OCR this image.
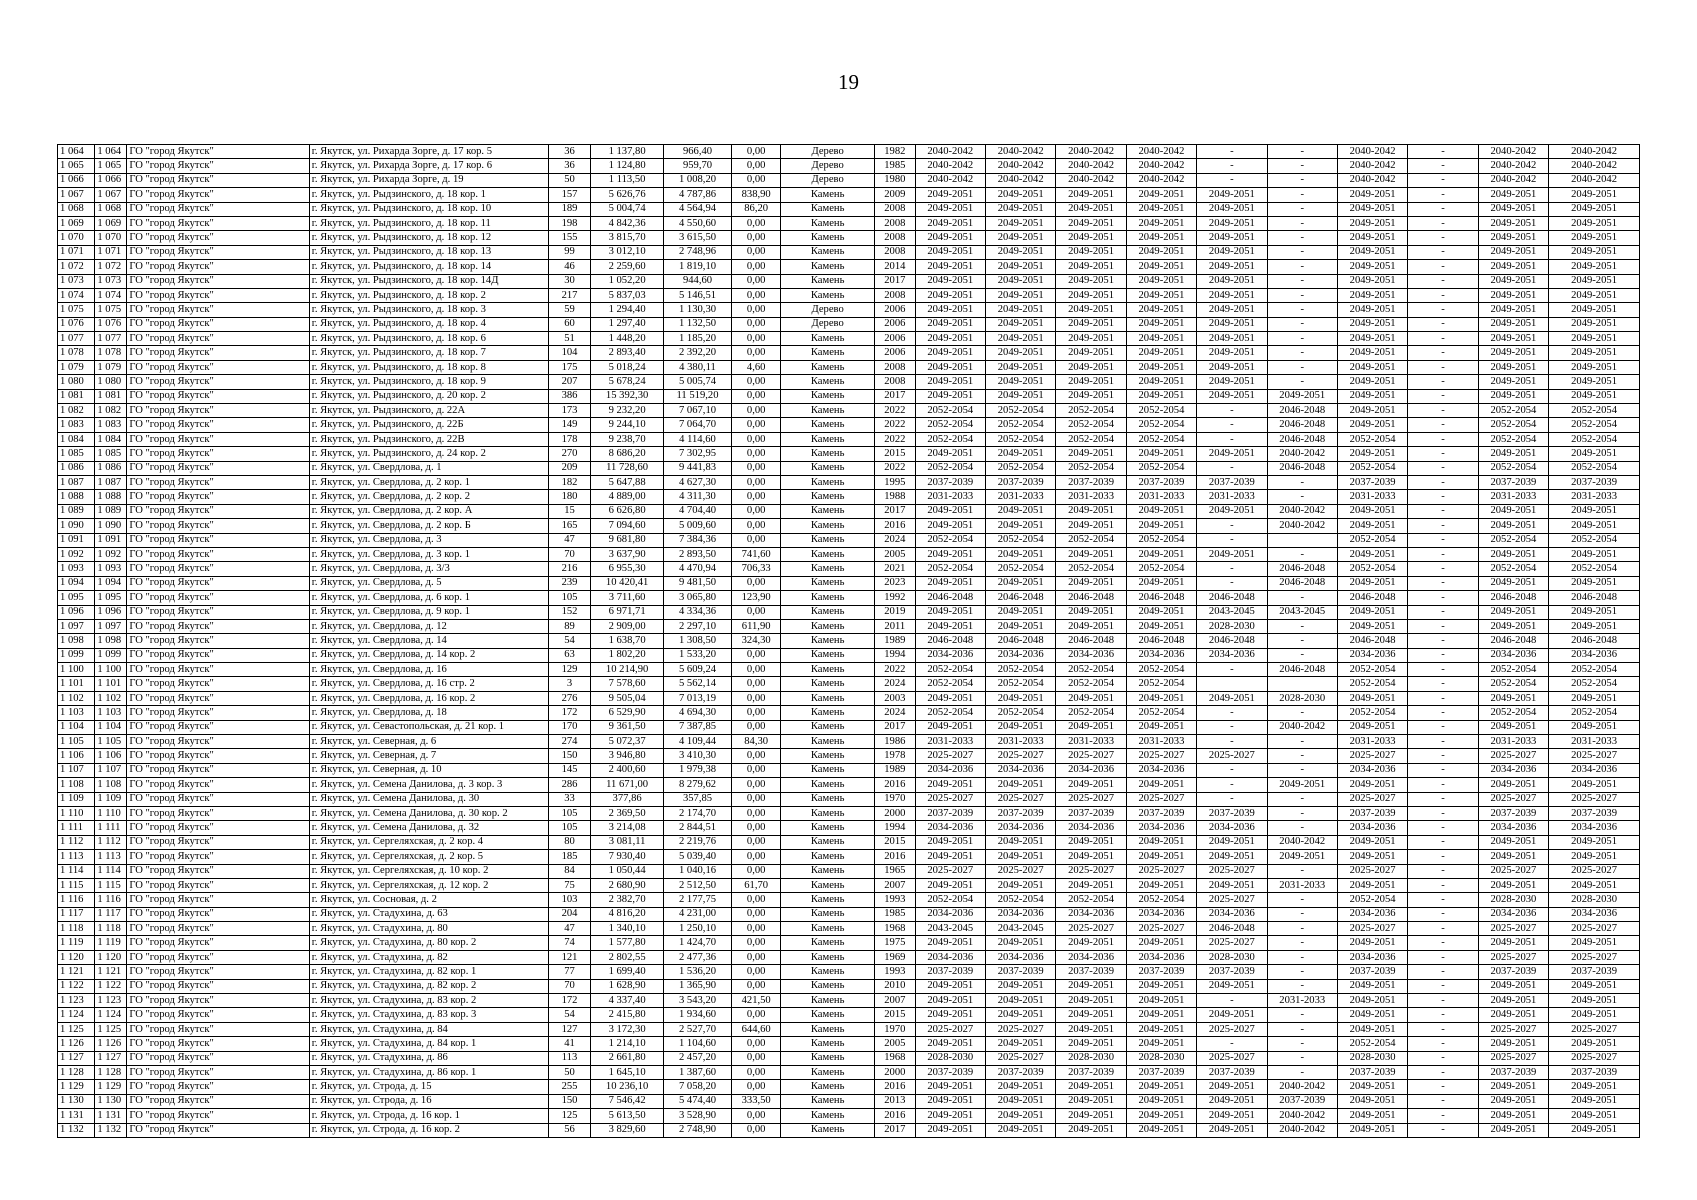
19
1 064	1 064	ГО "город Якутск"	г. Якутск, ул. Рихарда Зорге, д. 17 кор. 5	36	1 137,80	966,40	0,00	Дерево	1982	2040-2042	2040-2042	2040-2042	2040-2042	-	-	2040-2042	-	2040-2042	2040-2042
1 065	1 065	ГО "город Якутск"	г. Якутск, ул. Рихарда Зорге, д. 17 кор. 6	36	1 124,80	959,70	0,00	Дерево	1985	2040-2042	2040-2042	2040-2042	2040-2042	-	-	2040-2042	-	2040-2042	2040-2042
1 066	1 066	ГО "город Якутск"	г. Якутск, ул. Рихарда Зорге, д. 19	50	1 113,50	1 008,20	0,00	Дерево	1980	2040-2042	2040-2042	2040-2042	2040-2042	-	-	2040-2042	-	2040-2042	2040-2042
1 067	1 067	ГО "город Якутск"	г. Якутск, ул. Рыдзинского, д. 18 кор. 1	157	5 626,76	4 787,86	838,90	Камень	2009	2049-2051	2049-2051	2049-2051	2049-2051	2049-2051	-	2049-2051	-	2049-2051	2049-2051
1 068	1 068	ГО "город Якутск"	г. Якутск, ул. Рыдзинского, д. 18 кор. 10	189	5 004,74	4 564,94	86,20	Камень	2008	2049-2051	2049-2051	2049-2051	2049-2051	2049-2051	-	2049-2051	-	2049-2051	2049-2051
1 069	1 069	ГО "город Якутск"	г. Якутск, ул. Рыдзинского, д. 18 кор. 11	198	4 842,36	4 550,60	0,00	Камень	2008	2049-2051	2049-2051	2049-2051	2049-2051	2049-2051	-	2049-2051	-	2049-2051	2049-2051
1 070	1 070	ГО "город Якутск"	г. Якутск, ул. Рыдзинского, д. 18 кор. 12	155	3 815,70	3 615,50	0,00	Камень	2008	2049-2051	2049-2051	2049-2051	2049-2051	2049-2051	-	2049-2051	-	2049-2051	2049-2051
1 071	1 071	ГО "город Якутск"	г. Якутск, ул. Рыдзинского, д. 18 кор. 13	99	3 012,10	2 748,96	0,00	Камень	2008	2049-2051	2049-2051	2049-2051	2049-2051	2049-2051	-	2049-2051	-	2049-2051	2049-2051
1 072	1 072	ГО "город Якутск"	г. Якутск, ул. Рыдзинского, д. 18 кор. 14	46	2 259,60	1 819,10	0,00	Камень	2014	2049-2051	2049-2051	2049-2051	2049-2051	2049-2051	-	2049-2051	-	2049-2051	2049-2051
1 073	1 073	ГО "город Якутск"	г. Якутск, ул. Рыдзинского, д. 18 кор. 14Д	30	1 052,20	944,60	0,00	Камень	2017	2049-2051	2049-2051	2049-2051	2049-2051	2049-2051	-	2049-2051	-	2049-2051	2049-2051
1 074	1 074	ГО "город Якутск"	г. Якутск, ул. Рыдзинского, д. 18 кор. 2	217	5 837,03	5 146,51	0,00	Камень	2008	2049-2051	2049-2051	2049-2051	2049-2051	2049-2051	-	2049-2051	-	2049-2051	2049-2051
1 075	1 075	ГО "город Якутск"	г. Якутск, ул. Рыдзинского, д. 18 кор. 3	59	1 294,40	1 130,30	0,00	Дерево	2006	2049-2051	2049-2051	2049-2051	2049-2051	2049-2051	-	2049-2051	-	2049-2051	2049-2051
1 076	1 076	ГО "город Якутск"	г. Якутск, ул. Рыдзинского, д. 18 кор. 4	60	1 297,40	1 132,50	0,00	Дерево	2006	2049-2051	2049-2051	2049-2051	2049-2051	2049-2051	-	2049-2051	-	2049-2051	2049-2051
1 077	1 077	ГО "город Якутск"	г. Якутск, ул. Рыдзинского, д. 18 кор. 6	51	1 448,20	1 185,20	0,00	Камень	2006	2049-2051	2049-2051	2049-2051	2049-2051	2049-2051	-	2049-2051	-	2049-2051	2049-2051
1 078	1 078	ГО "город Якутск"	г. Якутск, ул. Рыдзинского, д. 18 кор. 7	104	2 893,40	2 392,20	0,00	Камень	2006	2049-2051	2049-2051	2049-2051	2049-2051	2049-2051	-	2049-2051	-	2049-2051	2049-2051
1 079	1 079	ГО "город Якутск"	г. Якутск, ул. Рыдзинского, д. 18 кор. 8	175	5 018,24	4 380,11	4,60	Камень	2008	2049-2051	2049-2051	2049-2051	2049-2051	2049-2051	-	2049-2051	-	2049-2051	2049-2051
1 080	1 080	ГО "город Якутск"	г. Якутск, ул. Рыдзинского, д. 18 кор. 9	207	5 678,24	5 005,74	0,00	Камень	2008	2049-2051	2049-2051	2049-2051	2049-2051	2049-2051	-	2049-2051	-	2049-2051	2049-2051
1 081	1 081	ГО "город Якутск"	г. Якутск, ул. Рыдзинского, д. 20 кор. 2	386	15 392,30	11 519,20	0,00	Камень	2017	2049-2051	2049-2051	2049-2051	2049-2051	2049-2051	2049-2051	2049-2051	-	2049-2051	2049-2051
1 082	1 082	ГО "город Якутск"	г. Якутск, ул. Рыдзинского, д. 22А	173	9 232,20	7 067,10	0,00	Камень	2022	2052-2054	2052-2054	2052-2054	2052-2054	-	2046-2048	2049-2051	-	2052-2054	2052-2054
1 083	1 083	ГО "город Якутск"	г. Якутск, ул. Рыдзинского, д. 22Б	149	9 244,10	7 064,70	0,00	Камень	2022	2052-2054	2052-2054	2052-2054	2052-2054	-	2046-2048	2049-2051	-	2052-2054	2052-2054
1 084	1 084	ГО "город Якутск"	г. Якутск, ул. Рыдзинского, д. 22В	178	9 238,70	4 114,60	0,00	Камень	2022	2052-2054	2052-2054	2052-2054	2052-2054	-	2046-2048	2052-2054	-	2052-2054	2052-2054
1 085	1 085	ГО "город Якутск"	г. Якутск, ул. Рыдзинского, д. 24 кор. 2	270	8 686,20	7 302,95	0,00	Камень	2015	2049-2051	2049-2051	2049-2051	2049-2051	2049-2051	2040-2042	2049-2051	-	2049-2051	2049-2051
1 086	1 086	ГО "город Якутск"	г. Якутск, ул. Свердлова, д. 1	209	11 728,60	9 441,83	0,00	Камень	2022	2052-2054	2052-2054	2052-2054	2052-2054	-	2046-2048	2052-2054	-	2052-2054	2052-2054
1 087	1 087	ГО "город Якутск"	г. Якутск, ул. Свердлова, д. 2 кор. 1	182	5 647,88	4 627,30	0,00	Камень	1995	2037-2039	2037-2039	2037-2039	2037-2039	2037-2039	-	2037-2039	-	2037-2039	2037-2039
1 088	1 088	ГО "город Якутск"	г. Якутск, ул. Свердлова, д. 2 кор. 2	180	4 889,00	4 311,30	0,00	Камень	1988	2031-2033	2031-2033	2031-2033	2031-2033	2031-2033	-	2031-2033	-	2031-2033	2031-2033
1 089	1 089	ГО "город Якутск"	г. Якутск, ул. Свердлова, д. 2 кор. А	15	6 626,80	4 704,40	0,00	Камень	2017	2049-2051	2049-2051	2049-2051	2049-2051	2049-2051	2040-2042	2049-2051	-	2049-2051	2049-2051
1 090	1 090	ГО "город Якутск"	г. Якутск, ул. Свердлова, д. 2 кор. Б	165	7 094,60	5 009,60	0,00	Камень	2016	2049-2051	2049-2051	2049-2051	2049-2051	-	2040-2042	2049-2051	-	2049-2051	2049-2051
1 091	1 091	ГО "город Якутск"	г. Якутск, ул. Свердлова, д. 3	47	9 681,80	7 384,36	0,00	Камень	2024	2052-2054	2052-2054	2052-2054	2052-2054	-		2052-2054	-	2052-2054	2052-2054
1 092	1 092	ГО "город Якутск"	г. Якутск, ул. Свердлова, д. 3 кор. 1	70	3 637,90	2 893,50	741,60	Камень	2005	2049-2051	2049-2051	2049-2051	2049-2051	2049-2051	-	2049-2051	-	2049-2051	2049-2051
1 093	1 093	ГО "город Якутск"	г. Якутск, ул. Свердлова, д. 3/3	216	6 955,30	4 470,94	706,33	Камень	2021	2052-2054	2052-2054	2052-2054	2052-2054	-	2046-2048	2052-2054	-	2052-2054	2052-2054
1 094	1 094	ГО "город Якутск"	г. Якутск, ул. Свердлова, д. 5	239	10 420,41	9 481,50	0,00	Камень	2023	2049-2051	2049-2051	2049-2051	2049-2051	-	2046-2048	2049-2051	-	2049-2051	2049-2051
1 095	1 095	ГО "город Якутск"	г. Якутск, ул. Свердлова, д. 6 кор. 1	105	3 711,60	3 065,80	123,90	Камень	1992	2046-2048	2046-2048	2046-2048	2046-2048	2046-2048	-	2046-2048	-	2046-2048	2046-2048
1 096	1 096	ГО "город Якутск"	г. Якутск, ул. Свердлова, д. 9 кор. 1	152	6 971,71	4 334,36	0,00	Камень	2019	2049-2051	2049-2051	2049-2051	2049-2051	2043-2045	2043-2045	2049-2051	-	2049-2051	2049-2051
1 097	1 097	ГО "город Якутск"	г. Якутск, ул. Свердлова, д. 12	89	2 909,00	2 297,10	611,90	Камень	2011	2049-2051	2049-2051	2049-2051	2049-2051	2028-2030	-	2049-2051	-	2049-2051	2049-2051
1 098	1 098	ГО "город Якутск"	г. Якутск, ул. Свердлова, д. 14	54	1 638,70	1 308,50	324,30	Камень	1989	2046-2048	2046-2048	2046-2048	2046-2048	2046-2048	-	2046-2048	-	2046-2048	2046-2048
1 099	1 099	ГО "город Якутск"	г. Якутск, ул. Свердлова, д. 14 кор. 2	63	1 802,20	1 533,20	0,00	Камень	1994	2034-2036	2034-2036	2034-2036	2034-2036	2034-2036	-	2034-2036	-	2034-2036	2034-2036
1 100	1 100	ГО "город Якутск"	г. Якутск, ул. Свердлова, д. 16	129	10 214,90	5 609,24	0,00	Камень	2022	2052-2054	2052-2054	2052-2054	2052-2054	-	2046-2048	2052-2054	-	2052-2054	2052-2054
1 101	1 101	ГО "город Якутск"	г. Якутск, ул. Свердлова, д. 16 стр. 2	3	7 578,60	5 562,14	0,00	Камень	2024	2052-2054	2052-2054	2052-2054	2052-2054			2052-2054	-	2052-2054	2052-2054
1 102	1 102	ГО "город Якутск"	г. Якутск, ул. Свердлова, д. 16 кор. 2	276	9 505,04	7 013,19	0,00	Камень	2003	2049-2051	2049-2051	2049-2051	2049-2051	2049-2051	2028-2030	2049-2051	-	2049-2051	2049-2051
1 103	1 103	ГО "город Якутск"	г. Якутск, ул. Свердлова, д. 18	172	6 529,90	4 694,30	0,00	Камень	2024	2052-2054	2052-2054	2052-2054	2052-2054	-	-	2052-2054	-	2052-2054	2052-2054
1 104	1 104	ГО "город Якутск"	г. Якутск, ул. Севастопольская, д. 21 кор. 1	170	9 361,50	7 387,85	0,00	Камень	2017	2049-2051	2049-2051	2049-2051	2049-2051	-	2040-2042	2049-2051	-	2049-2051	2049-2051
1 105	1 105	ГО "город Якутск"	г. Якутск, ул. Северная, д. 6	274	5 072,37	4 109,44	84,30	Камень	1986	2031-2033	2031-2033	2031-2033	2031-2033	-	-	2031-2033	-	2031-2033	2031-2033
1 106	1 106	ГО "город Якутск"	г. Якутск, ул. Северная, д. 7	150	3 946,80	3 410,30	0,00	Камень	1978	2025-2027	2025-2027	2025-2027	2025-2027	2025-2027	-	2025-2027	-	2025-2027	2025-2027
1 107	1 107	ГО "город Якутск"	г. Якутск, ул. Северная, д. 10	145	2 400,60	1 979,38	0,00	Камень	1989	2034-2036	2034-2036	2034-2036	2034-2036	-	-	2034-2036	-	2034-2036	2034-2036
1 108	1 108	ГО "город Якутск"	г. Якутск, ул. Семена Данилова, д. 3 кор. 3	286	11 671,00	8 279,62	0,00	Камень	2016	2049-2051	2049-2051	2049-2051	2049-2051	-	2049-2051	2049-2051	-	2049-2051	2049-2051
1 109	1 109	ГО "город Якутск"	г. Якутск, ул. Семена Данилова, д. 30	33	377,86	357,85	0,00	Камень	1970	2025-2027	2025-2027	2025-2027	2025-2027	-	-	2025-2027	-	2025-2027	2025-2027
1 110	1 110	ГО "город Якутск"	г. Якутск, ул. Семена Данилова, д. 30 кор. 2	105	2 369,50	2 174,70	0,00	Камень	2000	2037-2039	2037-2039	2037-2039	2037-2039	2037-2039	-	2037-2039	-	2037-2039	2037-2039
1 111	1 111	ГО "город Якутск"	г. Якутск, ул. Семена Данилова, д. 32	105	3 214,08	2 844,51	0,00	Камень	1994	2034-2036	2034-2036	2034-2036	2034-2036	2034-2036	-	2034-2036	-	2034-2036	2034-2036
1 112	1 112	ГО "город Якутск"	г. Якутск, ул. Сергеляхская, д. 2 кор. 4	80	3 081,11	2 219,76	0,00	Камень	2015	2049-2051	2049-2051	2049-2051	2049-2051	2049-2051	2040-2042	2049-2051	-	2049-2051	2049-2051
1 113	1 113	ГО "город Якутск"	г. Якутск, ул. Сергеляхская, д. 2 кор. 5	185	7 930,40	5 039,40	0,00	Камень	2016	2049-2051	2049-2051	2049-2051	2049-2051	2049-2051	2049-2051	2049-2051	-	2049-2051	2049-2051
1 114	1 114	ГО "город Якутск"	г. Якутск, ул. Сергеляхская, д. 10 кор. 2	84	1 050,44	1 040,16	0,00	Камень	1965	2025-2027	2025-2027	2025-2027	2025-2027	2025-2027	-	2025-2027	-	2025-2027	2025-2027
1 115	1 115	ГО "город Якутск"	г. Якутск, ул. Сергеляхская, д. 12 кор. 2	75	2 680,90	2 512,50	61,70	Камень	2007	2049-2051	2049-2051	2049-2051	2049-2051	2049-2051	2031-2033	2049-2051	-	2049-2051	2049-2051
1 116	1 116	ГО "город Якутск"	г. Якутск, ул. Сосновая, д. 2	103	2 382,70	2 177,75	0,00	Камень	1993	2052-2054	2052-2054	2052-2054	2052-2054	2025-2027	-	2052-2054	-	2028-2030	2028-2030
1 117	1 117	ГО "город Якутск"	г. Якутск, ул. Стадухина, д. 63	204	4 816,20	4 231,00	0,00	Камень	1985	2034-2036	2034-2036	2034-2036	2034-2036	2034-2036	-	2034-2036	-	2034-2036	2034-2036
1 118	1 118	ГО "город Якутск"	г. Якутск, ул. Стадухина, д. 80	47	1 340,10	1 250,10	0,00	Камень	1968	2043-2045	2043-2045	2025-2027	2025-2027	2046-2048	-	2025-2027	-	2025-2027	2025-2027
1 119	1 119	ГО "город Якутск"	г. Якутск, ул. Стадухина, д. 80 кор. 2	74	1 577,80	1 424,70	0,00	Камень	1975	2049-2051	2049-2051	2049-2051	2049-2051	2025-2027	-	2049-2051	-	2049-2051	2049-2051
1 120	1 120	ГО "город Якутск"	г. Якутск, ул. Стадухина, д. 82	121	2 802,55	2 477,36	0,00	Камень	1969	2034-2036	2034-2036	2034-2036	2034-2036	2028-2030	-	2034-2036	-	2025-2027	2025-2027
1 121	1 121	ГО "город Якутск"	г. Якутск, ул. Стадухина, д. 82 кор. 1	77	1 699,40	1 536,20	0,00	Камень	1993	2037-2039	2037-2039	2037-2039	2037-2039	2037-2039	-	2037-2039	-	2037-2039	2037-2039
1 122	1 122	ГО "город Якутск"	г. Якутск, ул. Стадухина, д. 82 кор. 2	70	1 628,90	1 365,90	0,00	Камень	2010	2049-2051	2049-2051	2049-2051	2049-2051	2049-2051	-	2049-2051	-	2049-2051	2049-2051
1 123	1 123	ГО "город Якутск"	г. Якутск, ул. Стадухина, д. 83 кор. 2	172	4 337,40	3 543,20	421,50	Камень	2007	2049-2051	2049-2051	2049-2051	2049-2051	-	2031-2033	2049-2051	-	2049-2051	2049-2051
1 124	1 124	ГО "город Якутск"	г. Якутск, ул. Стадухина, д. 83 кор. 3	54	2 415,80	1 934,60	0,00	Камень	2015	2049-2051	2049-2051	2049-2051	2049-2051	2049-2051	-	2049-2051	-	2049-2051	2049-2051
1 125	1 125	ГО "город Якутск"	г. Якутск, ул. Стадухина, д. 84	127	3 172,30	2 527,70	644,60	Камень	1970	2025-2027	2025-2027	2049-2051	2049-2051	2025-2027	-	2049-2051	-	2025-2027	2025-2027
1 126	1 126	ГО "город Якутск"	г. Якутск, ул. Стадухина, д. 84 кор. 1	41	1 214,10	1 104,60	0,00	Камень	2005	2049-2051	2049-2051	2049-2051	2049-2051	-	-	2052-2054	-	2049-2051	2049-2051
1 127	1 127	ГО "город Якутск"	г. Якутск, ул. Стадухина, д. 86	113	2 661,80	2 457,20	0,00	Камень	1968	2028-2030	2025-2027	2028-2030	2028-2030	2025-2027	-	2028-2030	-	2025-2027	2025-2027
1 128	1 128	ГО "город Якутск"	г. Якутск, ул. Стадухина, д. 86 кор. 1	50	1 645,10	1 387,60	0,00	Камень	2000	2037-2039	2037-2039	2037-2039	2037-2039	2037-2039	-	2037-2039	-	2037-2039	2037-2039
1 129	1 129	ГО "город Якутск"	г. Якутск, ул. Строда, д. 15	255	10 236,10	7 058,20	0,00	Камень	2016	2049-2051	2049-2051	2049-2051	2049-2051	2049-2051	2040-2042	2049-2051	-	2049-2051	2049-2051
1 130	1 130	ГО "город Якутск"	г. Якутск, ул. Строда, д. 16	150	7 546,42	5 474,40	333,50	Камень	2013	2049-2051	2049-2051	2049-2051	2049-2051	2049-2051	2037-2039	2049-2051	-	2049-2051	2049-2051
1 131	1 131	ГО "город Якутск"	г. Якутск, ул. Строда, д. 16 кор. 1	125	5 613,50	3 528,90	0,00	Камень	2016	2049-2051	2049-2051	2049-2051	2049-2051	2049-2051	2040-2042	2049-2051	-	2049-2051	2049-2051
1 132	1 132	ГО "город Якутск"	г. Якутск, ул. Строда, д. 16 кор. 2	56	3 829,60	2 748,90	0,00	Камень	2017	2049-2051	2049-2051	2049-2051	2049-2051	2049-2051	2040-2042	2049-2051	-	2049-2051	2049-2051
